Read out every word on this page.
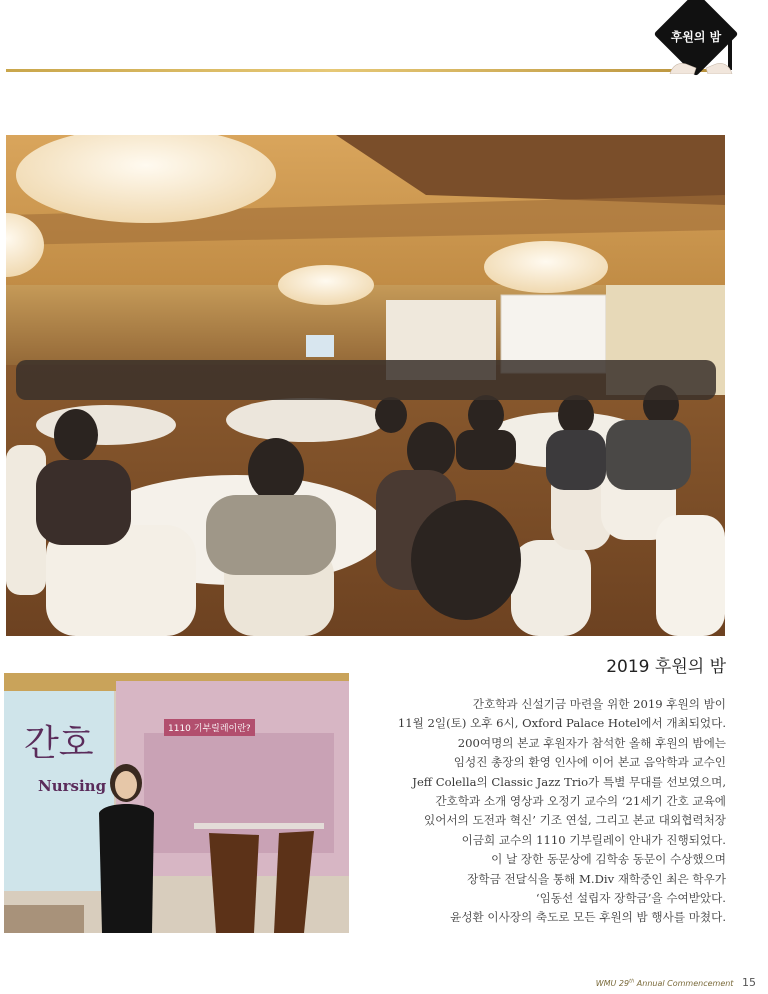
후원의 밤
간호
Nursing
1110 기부릴레이란?
2019 후원의 밤

간호학과 신설기금 마련을 위한 2019 후원의 밤이

11월 2일(토) 오후 6시, Oxford Palace Hotel에서 개최되었다.

200여명의 본교 후원자가 참석한 올해 후원의 밤에는

임성진 총장의 환영 인사에 이어 본교 음악학과 교수인

Jeff Colella의 Classic Jazz Trio가 특별 무대를 선보였으며,

간호학과 소개 영상과 오정기 교수의 ‘21세기 간호 교육에

있어서의 도전과 혁신’ 기조 연설, 그리고 본교 대외협력처장

이금희 교수의 1110 기부릴레이 안내가 진행되었다.

이 날 장한 동문상에 김학송 동문이 수상했으며

장학금 전달식을 통해 M.Div 재학중인 최은 학우가

‘임동선 설립자 장학금’을 수여받았다.

윤성환 이사장의 축도로 모든 후원의 밤 행사를 마쳤다.

WMU 29th Annual Commencement 15
